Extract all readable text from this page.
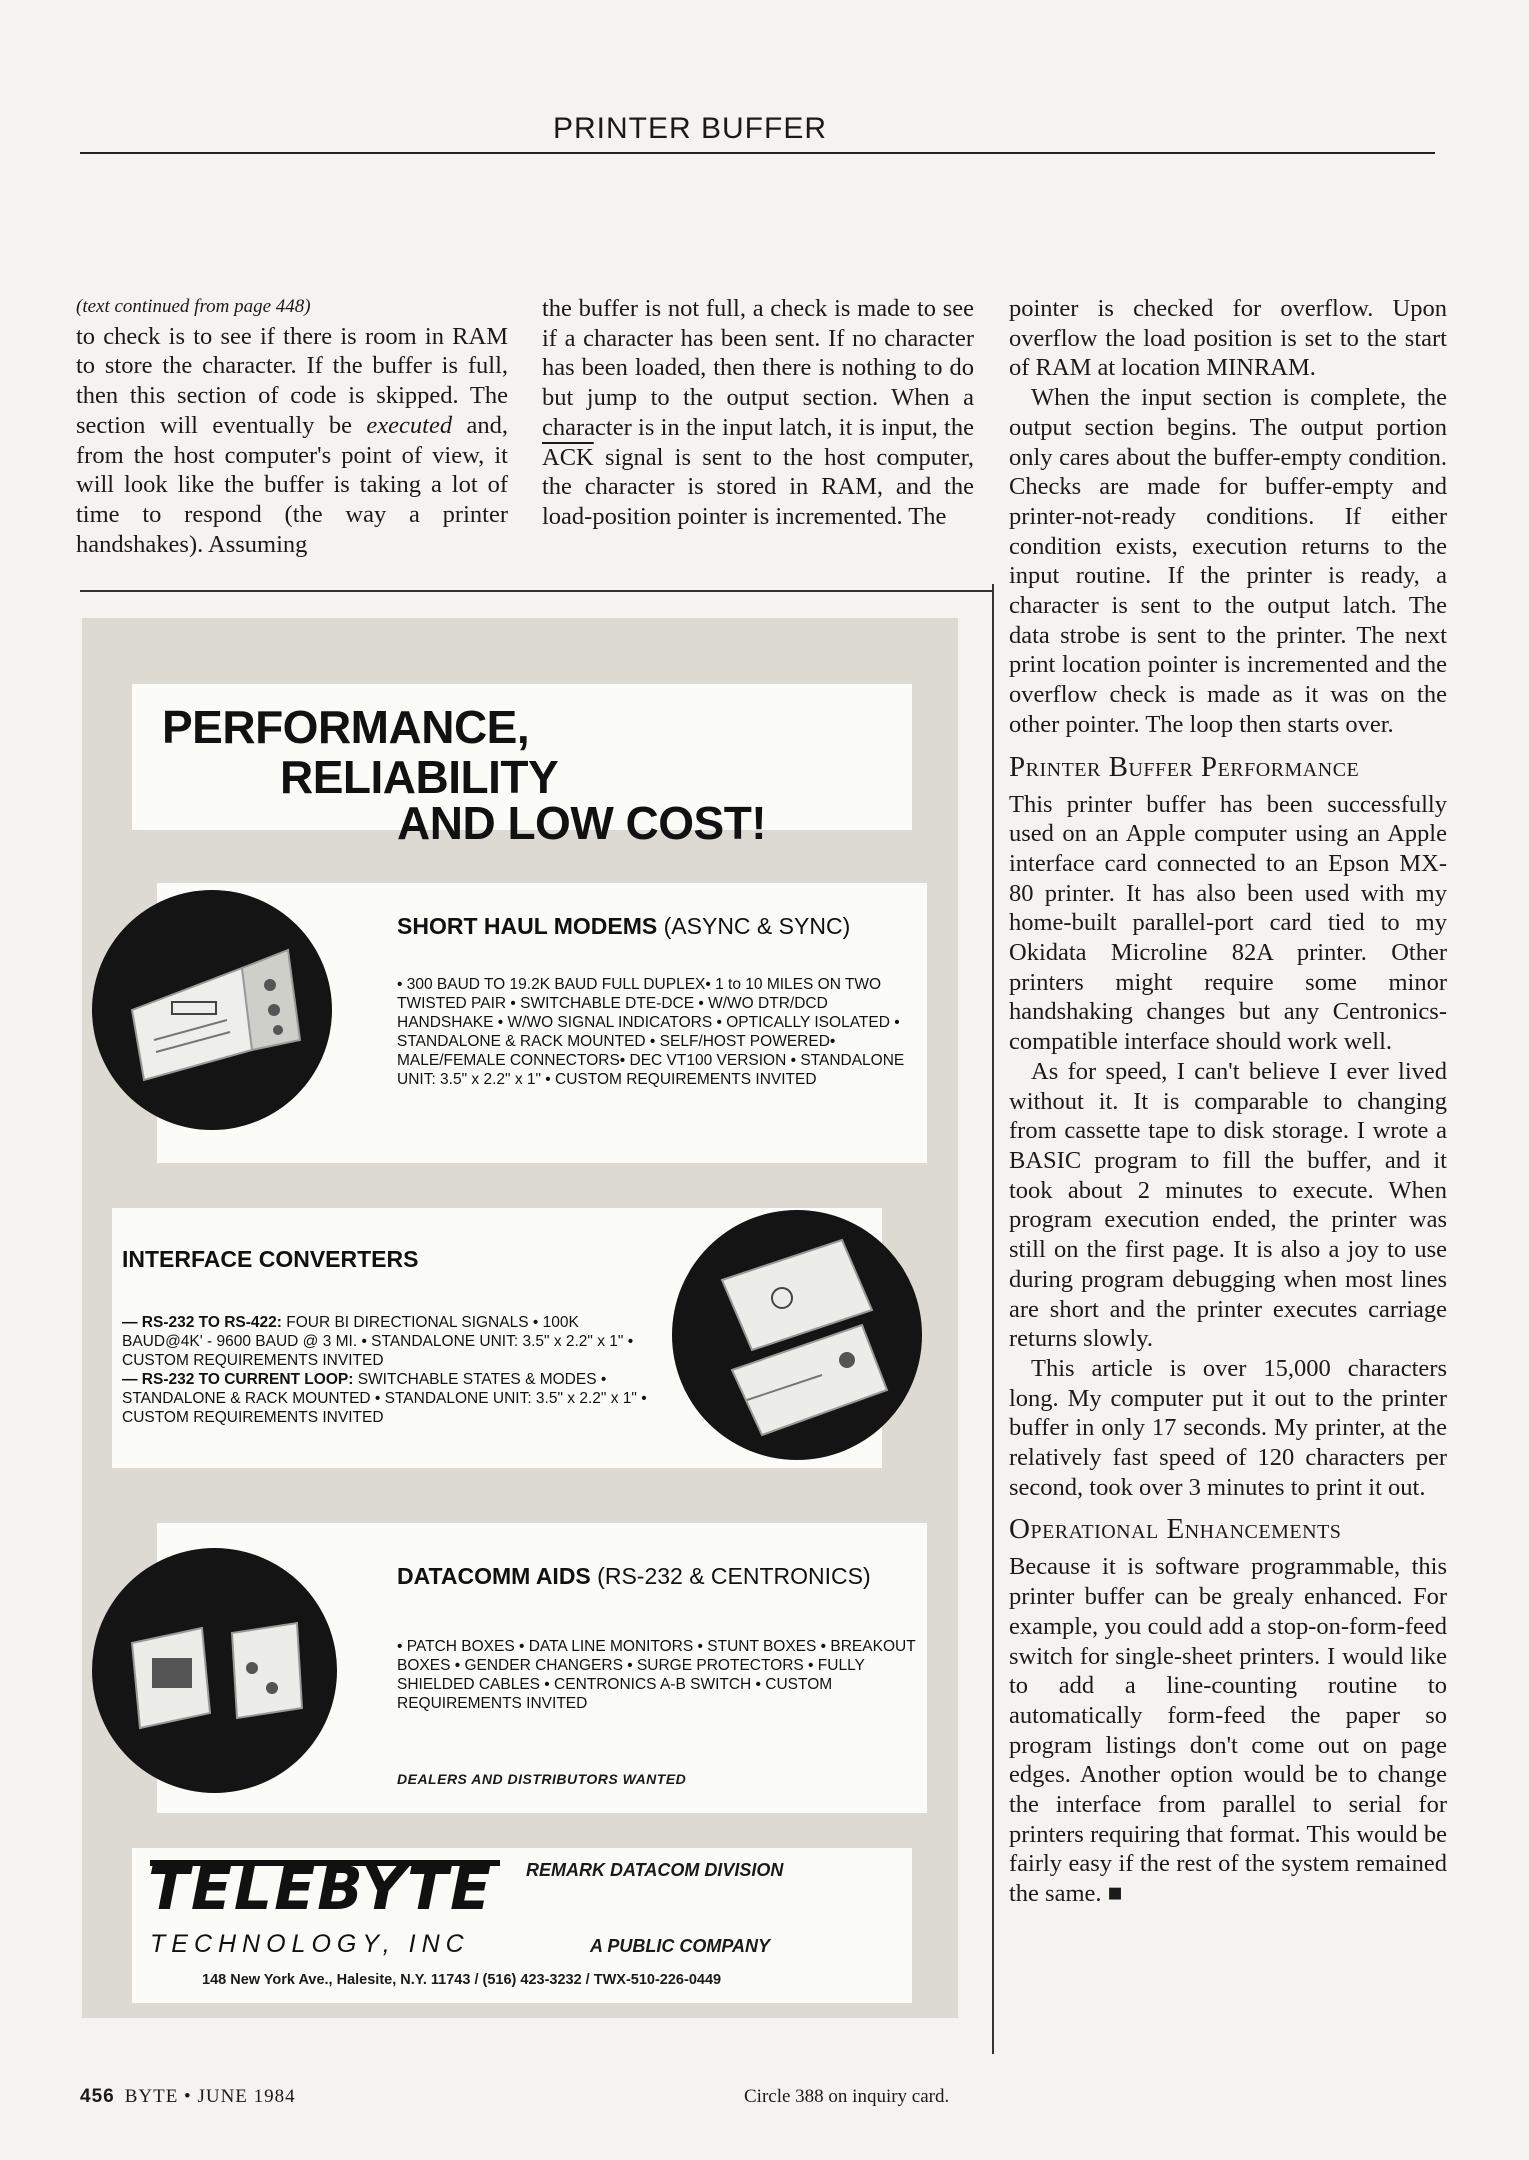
PRINTER BUFFER

(text continued from page 448)

to check is to see if there is room in RAM to store the character. If the buffer is full, then this section of code is skipped. The section will eventually be executed and, from the host computer's point of view, it will look like the buffer is taking a lot of time to respond (the way a printer handshakes). Assuming

the buffer is not full, a check is made to see if a character has been sent. If no character has been loaded, then there is nothing to do but jump to the output section. When a character is in the input latch, it is input, the $\overline{ACK}$ signal is sent to the host computer, the character is stored in RAM, and the load-position pointer is incremented. The

pointer is checked for overflow. Upon overflow the load position is set to the start of RAM at location MINRAM.

When the input section is complete, the output section begins. The output portion only cares about the buffer-empty condition. Checks are made for buffer-empty and printer-not-ready conditions. If either condition exists, execution returns to the input routine. If the printer is ready, a character is sent to the output latch. The data strobe is sent to the printer. The next print location pointer is incremented and the overflow check is made as it was on the other pointer. The loop then starts over.

Printer Buffer Performance

This printer buffer has been successfully used on an Apple computer using an Apple interface card connected to an Epson MX-80 printer. It has also been used with my home-built parallel-port card tied to my Okidata Microline 82A printer. Other printers might require some minor handshaking changes but any Centronics-compatible interface should work well.

As for speed, I can't believe I ever lived without it. It is comparable to changing from cassette tape to disk storage. I wrote a BASIC program to fill the buffer, and it took about 2 minutes to execute. When program execution ended, the printer was still on the first page. It is also a joy to use during program debugging when most lines are short and the printer executes carriage returns slowly.

This article is over 15,000 characters long. My computer put it out to the printer buffer in only 17 seconds. My printer, at the relatively fast speed of 120 characters per second, took over 3 minutes to print it out.

Operational Enhancements

Because it is software programmable, this printer buffer can be grealy enhanced. For example, you could add a stop-on-form-feed switch for single-sheet printers. I would like to add a line-counting routine to automatically form-feed the paper so program listings don't come out on page edges. Another option would be to change the interface from parallel to serial for printers requiring that format. This would be fairly easy if the rest of the system remained the same. ■

PERFORMANCE,
RELIABILITY
AND LOW COST!
SHORT HAUL MODEMS (ASYNC & SYNC)
• 300 BAUD TO 19.2K BAUD FULL DUPLEX• 1 to 10 MILES ON TWO TWISTED PAIR • SWITCHABLE DTE-DCE • W/WO DTR/DCD HANDSHAKE • W/WO SIGNAL INDICATORS • OPTICALLY ISOLATED • STANDALONE & RACK MOUNTED • SELF/HOST POWERED• MALE/FEMALE CONNECTORS• DEC VT100 VERSION • STANDALONE UNIT: 3.5" x 2.2" x 1" • CUSTOM REQUIREMENTS INVITED
INTERFACE CONVERTERS
— RS-232 TO RS-422: FOUR BI DIRECTIONAL SIGNALS • 100K BAUD@4K' - 9600 BAUD @ 3 MI. • STANDALONE UNIT: 3.5" x 2.2" x 1" • CUSTOM REQUIREMENTS INVITED
— RS-232 TO CURRENT LOOP: SWITCHABLE STATES & MODES • STANDALONE & RACK MOUNTED • STANDALONE UNIT: 3.5" x 2.2" x 1" • CUSTOM REQUIREMENTS INVITED
DATACOMM AIDS (RS-232 & CENTRONICS)
• PATCH BOXES • DATA LINE MONITORS • STUNT BOXES • BREAKOUT BOXES • GENDER CHANGERS • SURGE PROTECTORS • FULLY SHIELDED CABLES • CENTRONICS A-B SWITCH • CUSTOM REQUIREMENTS INVITED
DEALERS AND DISTRIBUTORS WANTED
TELEBYTE
TECHNOLOGY, INC
REMARK DATACOM DIVISION
A PUBLIC COMPANY
148 New York Ave., Halesite, N.Y. 11743 / (516) 423-3232 / TWX-510-226-0449
456 BYTE • JUNE 1984	Circle 388 on inquiry card.
